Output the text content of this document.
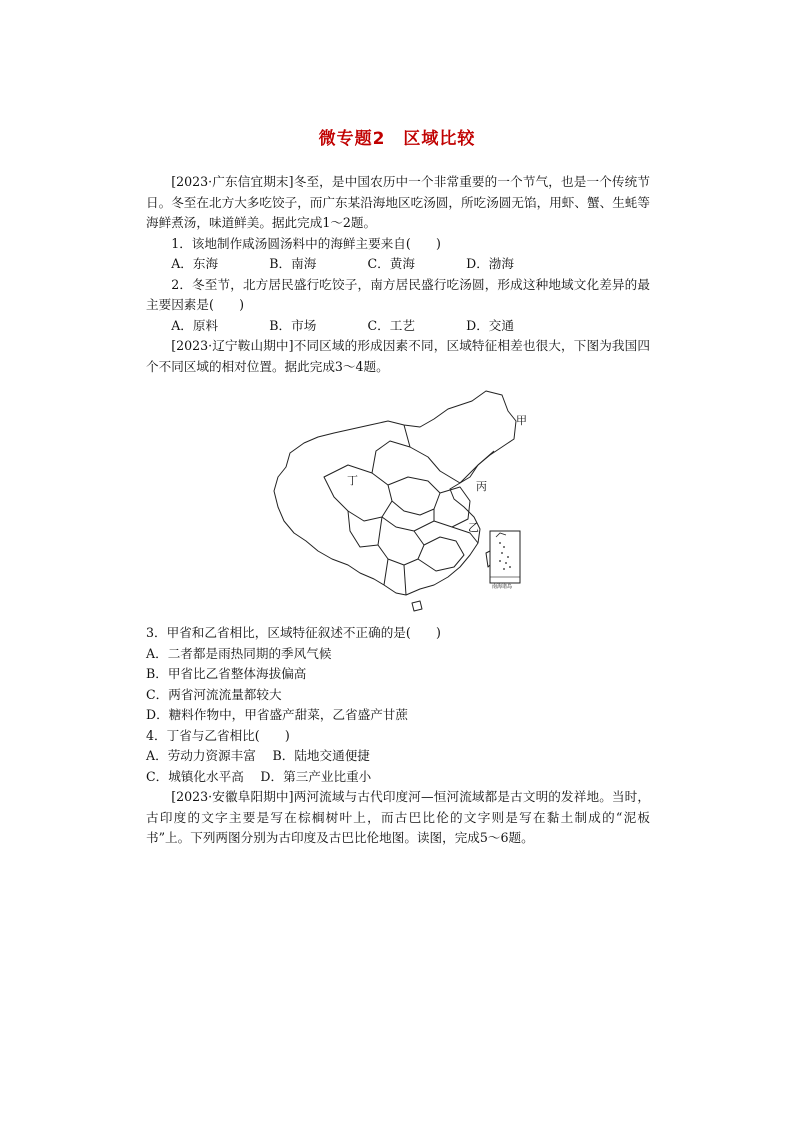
微专题2　区域比较

[2023·广东信宜期末]冬至，是中国农历中一个非常重要的一个节气，也是一个传统节日。冬至在北方大多吃饺子，而广东某沿海地区吃汤圆，所吃汤圆无馅，用虾、蟹、生蚝等海鲜煮汤，味道鲜美。据此完成1～2题。

1．该地制作咸汤圆汤料中的海鲜主要来自(　　)

A．东海	B．南海	C．黄海	D．渤海

2．冬至节，北方居民盛行吃饺子，南方居民盛行吃汤圆，形成这种地域文化差异的最主要因素是(　　)

A．原料	B．市场	C．工艺	D．交通

[2023·辽宁鞍山期中]不同区域的形成因素不同，区域特征相差也很大，下图为我国四个不同区域的相对位置。据此完成3～4题。

甲
丁	丙
乙
南海诸岛

3．甲省和乙省相比，区域特征叙述不正确的是(　　)

A．二者都是雨热同期的季风气候

B．甲省比乙省整体海拔偏高

C．两省河流流量都较大

D．糖料作物中，甲省盛产甜菜，乙省盛产甘蔗

4．丁省与乙省相比(　　)

A．劳动力资源丰富　 B．陆地交通便捷

C．城镇化水平高　 D．第三产业比重小

[2023·安徽阜阳期中]两河流域与古代印度河—恒河流域都是古文明的发祥地。当时，古印度的文字主要是写在棕榈树叶上，而古巴比伦的文字则是写在黏土制成的“泥板书”上。下列两图分别为古印度及古巴比伦地图。读图，完成5～6题。
